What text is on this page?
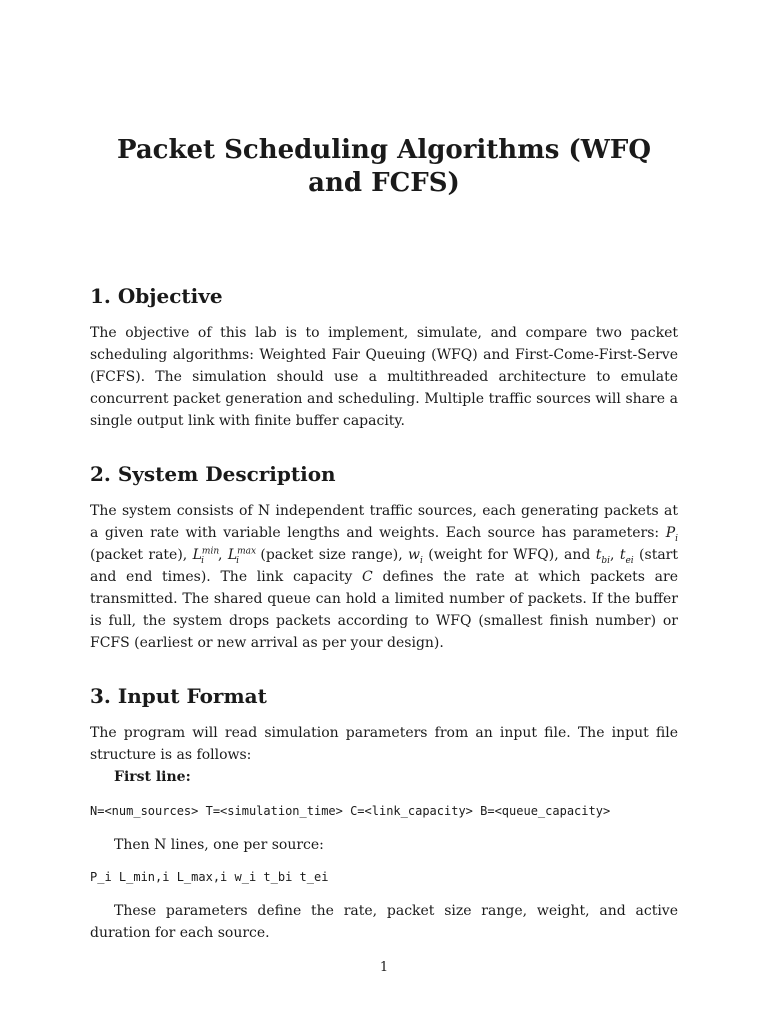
Packet Scheduling Algorithms (WFQ and FCFS)
1. Objective

The objective of this lab is to implement, simulate, and compare two packet scheduling algorithms: Weighted Fair Queuing (WFQ) and First-Come-First-Serve (FCFS). The simulation should use a multithreaded architecture to emulate concurrent packet generation and scheduling. Multiple traffic sources will share a single output link with finite buffer capacity.

2. System Description

The system consists of N independent traffic sources, each generating packets at a given rate with variable lengths and weights. Each source has parameters: $P_i$ (packet rate), $L^{min}_i$ , $L^{max}_i$ (packet size range), $w_i$ (weight for WFQ), and $t_{bi}$, $t_{ei}$ (start and end times). The link capacity C defines the rate at which packets are transmitted. The shared queue can hold a limited number of packets. If the buffer is full, the system drops packets according to WFQ (smallest finish number) or FCFS (earliest or new arrival as per your design).

3. Input Format

The program will read simulation parameters from an input file. The input file structure is as follows:

First line:

N=<num_sources> T=<simulation_time> C=<link_capacity> B=<queue_capacity>

Then N lines, one per source:

P_i L_min,i L_max,i w_i t_bi t_ei

These parameters define the rate, packet size range, weight, and active duration for each source.

1
